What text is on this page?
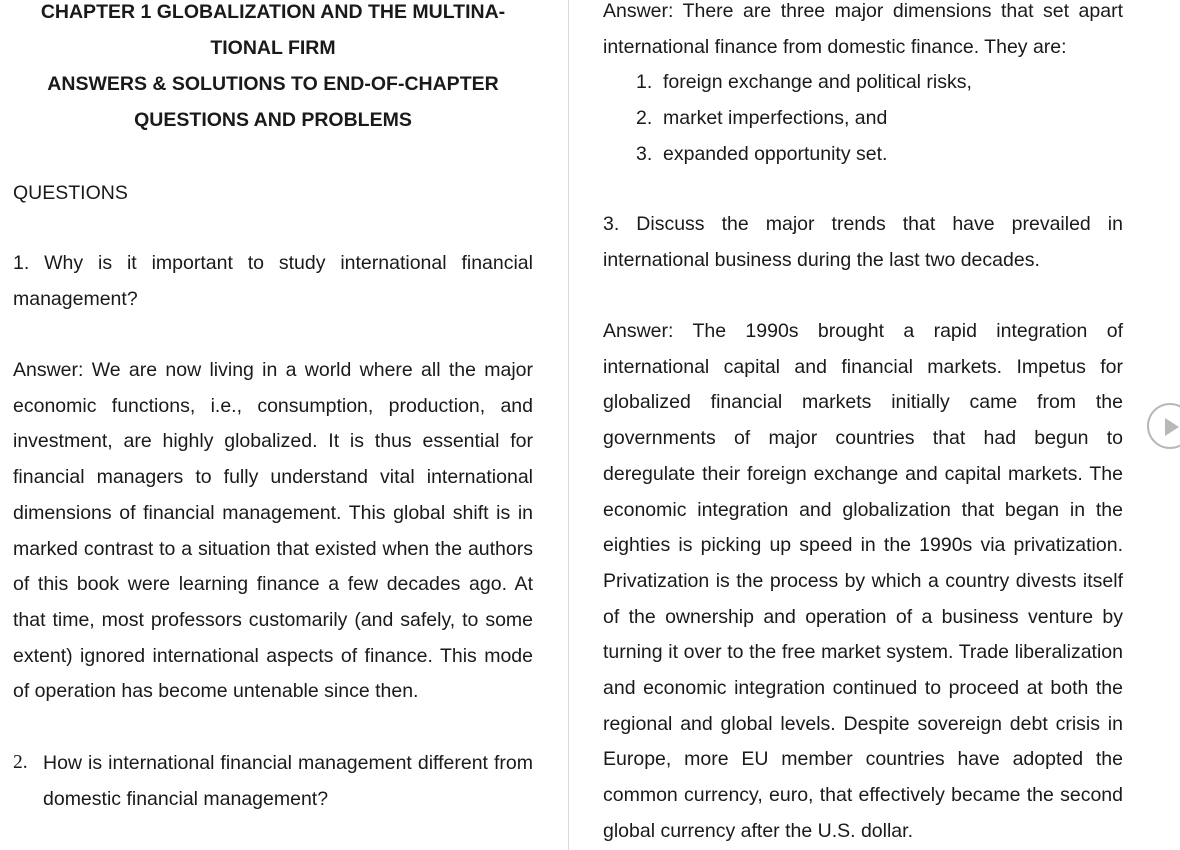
CHAPTER 1 GLOBALIZATION AND THE MULTINA-

TIONAL FIRM

ANSWERS & SOLUTIONS TO END-OF-CHAPTER

QUESTIONS AND PROBLEMS

QUESTIONS

1. Why is it important to study international financial management?

Answer: We are now living in a world where all the major economic functions, i.e., consumption, production, and investment, are highly globalized. It is thus essential for financial managers to fully understand vital international dimensions of financial management. This global shift is in marked contrast to a situation that existed when the authors of this book were learning finance a few decades ago. At that time, most professors customarily (and safely, to some extent) ignored international aspects of finance. This mode of operation has become untenable since then.

2. How is international financial management different from domestic financial management?

Answer: There are three major dimensions that set apart international finance from domestic finance. They are:

1. foreign exchange and political risks,
2. market imperfections, and
3. expanded opportunity set.

3. Discuss the major trends that have prevailed in international business during the last two decades.

Answer: The 1990s brought a rapid integration of international capital and financial markets. Impetus for globalized financial markets initially came from the governments of major countries that had begun to deregulate their foreign exchange and capital markets. The economic integration and globalization that began in the eighties is picking up speed in the 1990s via privatization. Privatization is the process by which a country divests itself of the ownership and operation of a business venture by turning it over to the free market system. Trade liberalization and economic integration continued to proceed at both the regional and global levels. Despite sovereign debt crisis in Europe, more EU member countries have adopted the common currency, euro, that effectively became the second global currency after the U.S. dollar.
